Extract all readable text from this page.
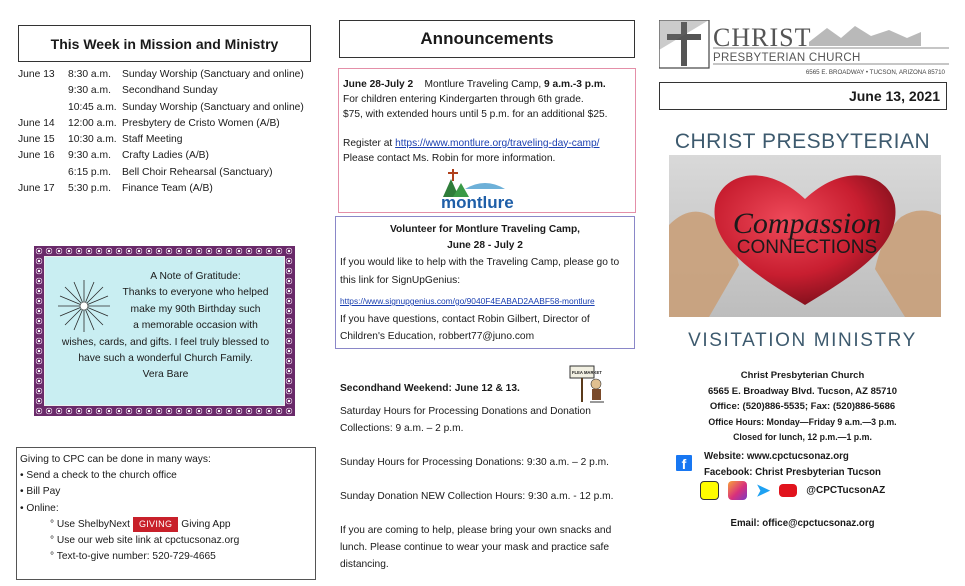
This Week in Mission and Ministry
June 13	8:30 a.m.	Sunday Worship (Sanctuary and online)
9:30 a.m.	Secondhand Sunday
10:45 a.m. Sunday Worship (Sanctuary and online)
June 14	12:00 a.m. Presbytery de Cristo Women (A/B)
June 15	10:30 a.m. Staff Meeting
June 16	9:30 a.m.	Crafty Ladies (A/B)
6:15 p.m.	Bell Choir Rehearsal (Sanctuary)
June 17	5:30 p.m.	Finance Team (A/B)
A Note of Gratitude:
Thanks to everyone who helped
make my 90th Birthday such
a memorable occasion with
wishes, cards, and gifts. I feel truly blessed to
have such a wonderful Church Family.
Vera Bare
Giving to CPC can be done in many ways:
• Send a check to the church office
• Bill Pay
• Online:
° Use ShelbyNext GIVING Giving App
° Use our web site link at cpctucsonaz.org
° Text-to-give number: 520-729-4665
Announcements
June 28-July 2 Montlure Traveling Camp, 9 a.m.-3 p.m.
For children entering Kindergarten through 6th grade.
$75, with extended hours until 5 p.m. for an additional $25.
Register at https://www.montlure.org/traveling-day-camp/
Please contact Ms. Robin for more information.
montlure
Volunteer for Montlure Traveling Camp,
June 28 - July 2
If you would like to help with the Traveling Camp, please go to this link for SignUpGenius:
https://www.signupgenius.com/go/9040F4EABAD2AABF58-montlure
If you have questions, contact Robin Gilbert, Director of Children's Education, robbert77@juno.com
FLEA MARKET

Secondhand Weekend: June 12 & 13.

Saturday Hours for Processing Donations and Donation Collections: 9 a.m. – 2 p.m.

Sunday Hours for Processing Donations: 9:30 a.m. – 2 p.m.

Sunday Donation NEW Collection Hours: 9:30 a.m. - 12 p.m.

If you are coming to help, please bring your own snacks and lunch. Please continue to wear your mask and practice safe distancing.

CHRIST
PRESBYTERIAN CHURCH
6565 E. BROADWAY • TUCSON, ARIZONA 85710
June 13, 2021
CHRIST PRESBYTERIAN
Compassion
CONNECTIONS
VISITATION MINISTRY
Christ Presbyterian Church
6565 E. Broadway Blvd. Tucson, AZ 85710
Office: (520)886-5535; Fax: (520)886-5686
Office Hours: Monday—Friday 9 a.m.—3 p.m.
Closed for lunch, 12 p.m.—1 p.m.
f	Website: www.cpctucsonaz.org
Facebook: Christ Presbyterian Tucson
➤	@CPCTucsonAZ
Email: office@cpctucsonaz.org
